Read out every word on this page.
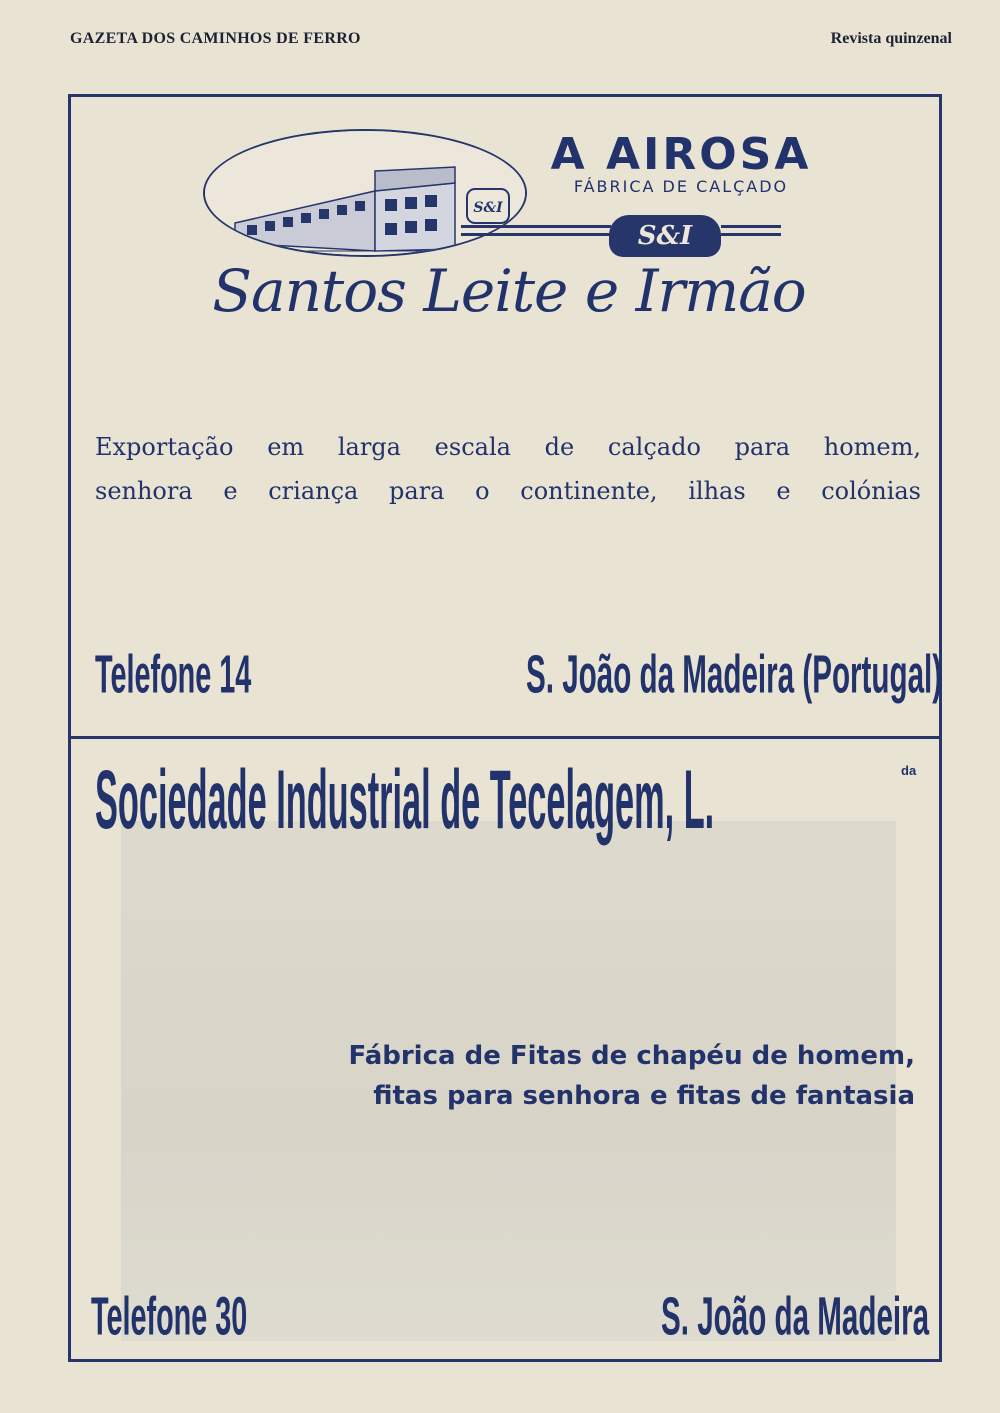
GAZETA DOS CAMINHOS DE FERRO	Revista quinzenal
S&I
A AIROSA
FÁBRICA DE CALÇADO
S&I
Santos Leite e Irmão
Exportação em larga escala de calçado para homem,
senhora e criança para o continente, ilhas e colónias
Telefone 14	S. João da Madeira (Portugal)
Sociedade Industrial de Tecelagem, L.	da
Fábrica de Fitas de chapéu de homem,
fitas para senhora e fitas de fantasia
Telefone 30	S. João da Madeira
